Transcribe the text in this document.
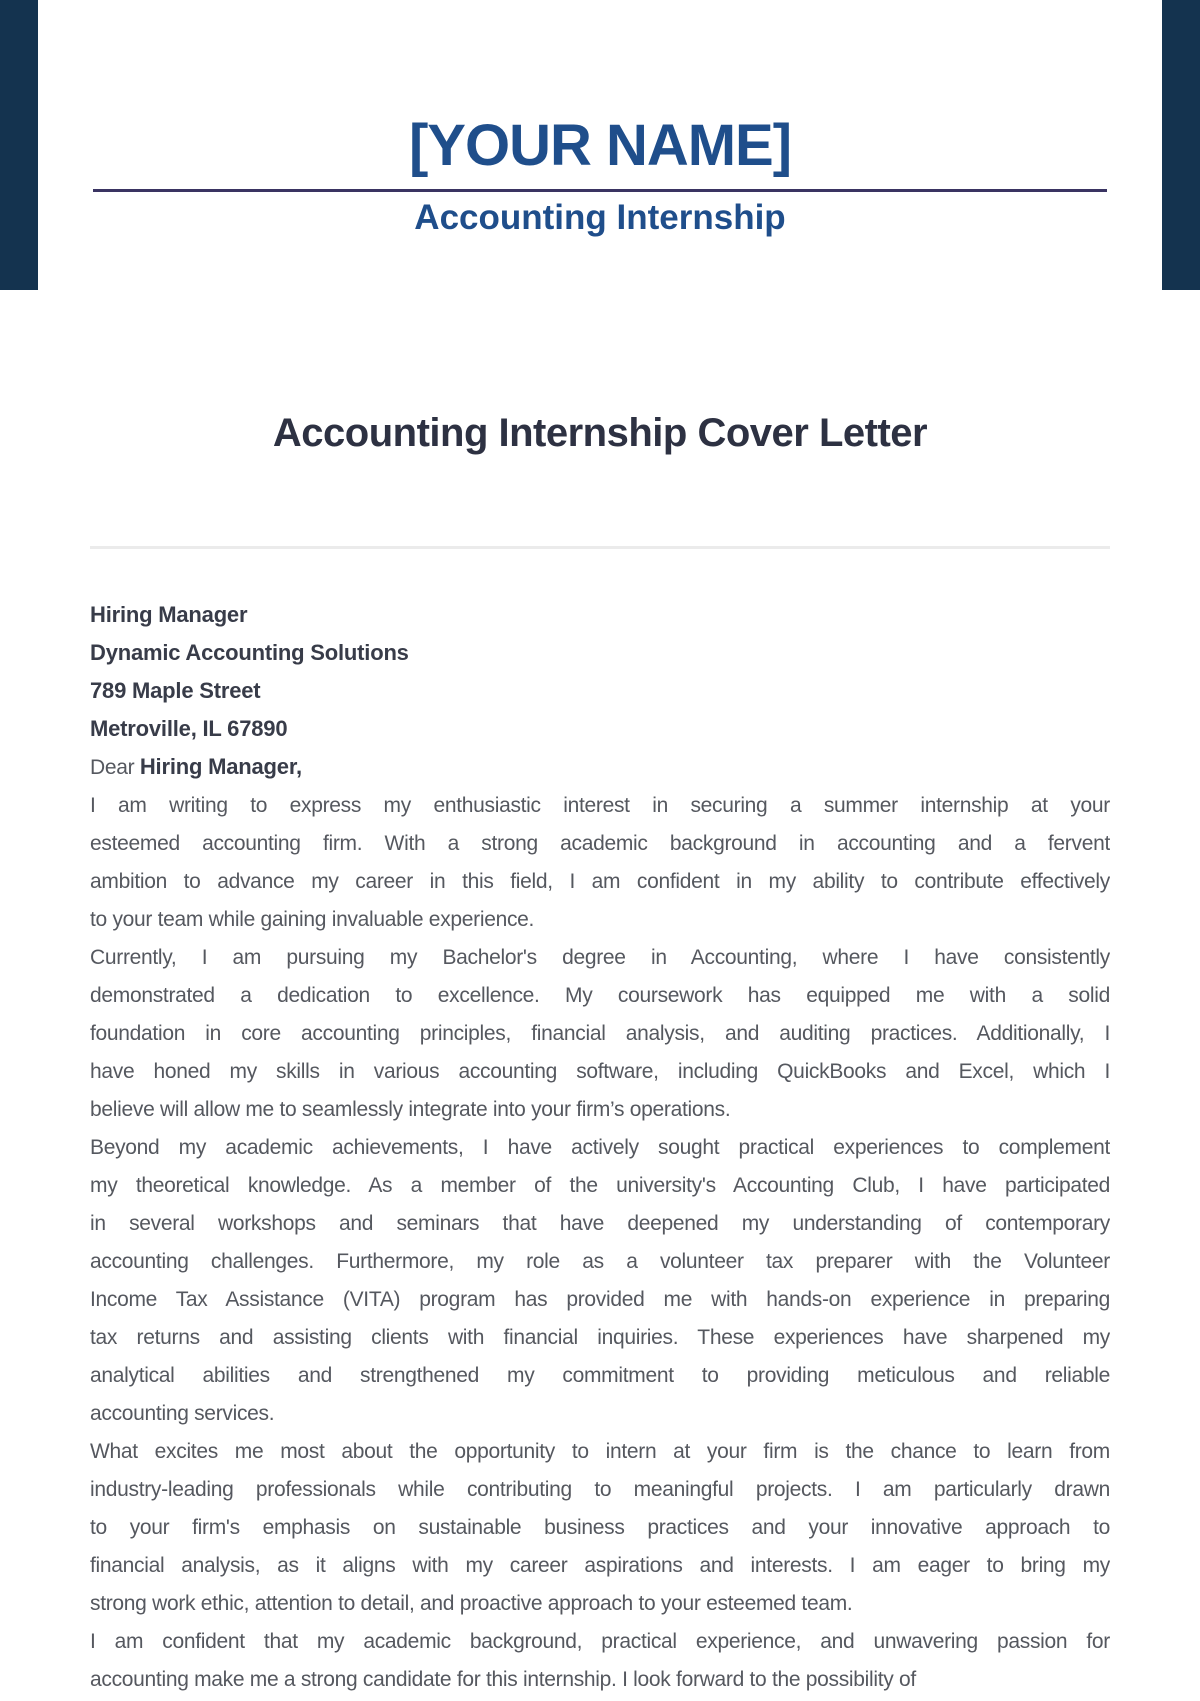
[YOUR NAME]
Accounting Internship
Accounting Internship Cover Letter
Hiring Manager
Dynamic Accounting Solutions
789 Maple Street
Metroville, IL 67890
Dear Hiring Manager,
I am writing to express my enthusiastic interest in securing a summer internship at your
esteemed accounting firm. With a strong academic background in accounting and a fervent
ambition to advance my career in this field, I am confident in my ability to contribute effectively
to your team while gaining invaluable experience.
Currently, I am pursuing my Bachelor's degree in Accounting, where I have consistently
demonstrated a dedication to excellence. My coursework has equipped me with a solid
foundation in core accounting principles, financial analysis, and auditing practices. Additionally, I
have honed my skills in various accounting software, including QuickBooks and Excel, which I
believe will allow me to seamlessly integrate into your firm’s operations.
Beyond my academic achievements, I have actively sought practical experiences to complement
my theoretical knowledge. As a member of the university's Accounting Club, I have participated
in several workshops and seminars that have deepened my understanding of contemporary
accounting challenges. Furthermore, my role as a volunteer tax preparer with the Volunteer
Income Tax Assistance (VITA) program has provided me with hands-on experience in preparing
tax returns and assisting clients with financial inquiries. These experiences have sharpened my
analytical abilities and strengthened my commitment to providing meticulous and reliable
accounting services.
What excites me most about the opportunity to intern at your firm is the chance to learn from
industry-leading professionals while contributing to meaningful projects. I am particularly drawn
to your firm's emphasis on sustainable business practices and your innovative approach to
financial analysis, as it aligns with my career aspirations and interests. I am eager to bring my
strong work ethic, attention to detail, and proactive approach to your esteemed team.
I am confident that my academic background, practical experience, and unwavering passion for
accounting make me a strong candidate for this internship. I look forward to the possibility of
